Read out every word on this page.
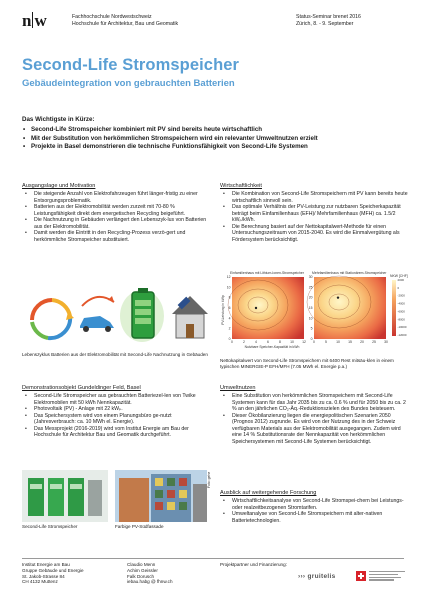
n w	Fachhochschule Nordwestschweiz
Hochschule für Architektur, Bau und Geomatik
Status-Seminar brenet 2016
Zürich, 8. - 9. September
Second-Life Stromspeicher
Gebäudeintegration von gebrauchten Batterien
Das Wichtigste in Kürze:
• Second-Life Stromspeicher kombiniert mit PV sind bereits heute wirtschaftlich
• Mit der Substitution von herkömmlichen Stromspeichern wird ein relevanter Umweltnutzen erzielt
• Projekte in Basel demonstrieren die technische Funktionsfähigkeit von Second-Life Systemen
Ausgangslage und Motivation
• Die steigende Anzahl von Elektrofahrzeugen führt länger-fristig zu einer Entsorgungsproblematik.
• Batterien aus der Elektromobilität werden zurzeit mit 70-80 % Leistungsfähigkeit direkt dem energetischen Recycling beigeführt.
• Die Nachnutzung in Gebäuden verlängert den Lebenszyk-lus von Batterien aus der Elektromobilität.
• Damit werden die Eintritt in den Recycling-Prozess verzö-gert und herkömmliche Stromspeicher substituiert.
Lebenszyklus Batterien aus der Elektromobilität mit Second-Life Nachnutzung in Gebäuden
Wirtschaftlichkeit
• Die Kombination von Second-Life Stromspeichern mit PV kann bereits heute wirtschaftlich sinnvoll sein.
• Das optimale Verhältnis der PV-Leistung zur nutzbaren Speicherkapazität beträgt beim Einfamilienhaus (EFH)/ Mehrfamilienhaus (MFH) ca. 1.5/2 kWₚ/kWh.
• Die Berechnung basiert auf der Nettokapitalwert-Methode für einen Untersuchungszeitraum von 2015-2040. Es wird die Einmalvergütung als Fördersystem berücksichtigt.
Einfamilienhaus mit Lithium-Ionen-Stromspeicher Mehrfamilienhaus mit Stationärem-Stromspeicher
0	2	4	6	8	10 12
0
2
4
6
8
10
12
0	5	10 15 20 25 30
0
5
10
15
20
25
30
Nutzbare Speicher-Kapazität in kWh
PV-Leistung in kWp
NKW [CHF]
2000
0
-2000
-4000
-6000
-8000
-10000
-12000
Nettokapitalwert von Second-Life Stromspeichern mit 6400 Rest mitsäu-klen in einem typischen MINERGIE-P EFH/MFH (7.05 MWh el. Energie p.a.)
Demonstrationsobjekt Gundeldinger Feld, Basel
• Second-Life Stromspeicher aus gebrauchten Batteriezel-len von Twike Elektromobilen mit 50 kWh Nennkapazität.
• Photovoltaik (PV) - Anlage mit 22 kWₚ.
• Das Speichersystem wird von einem Planungsbüro ge-nutzt (Jahresverbrauch: ca. 10 MWh el. Energie).
• Das Messprojekt (2016-2019) wird vom Institut Energie am Bau der Hochschule für Architektur Bau und Geomatik durchgeführt.
Foto: gehe
Second-Life Stromspeicher	Farbige PV-Südfassade
Umweltnutzen
• Eine Substitution von herkömmlichen Stromspeichern mit Second-Life Systemen kann für das Jahr 2035 bis zu ca. 0.6 % und für 2050 bis zu ca. 2 % an den jährlichen CO₂-Äq.-Reduktionszielen des Bundes beisteuern.
• Dieser Ökobilanzierung liegen die energiepolitischen Szenarien 2050 (Prognos 2012) zugrunde. Es wird von der Nutzung des in der Schweiz verfügbaren Materials aus der Elektromobilität ausgegangen. Zudem wird eine 14 % Substitutionsrate der Nennkapazität von herkömmlichen Speichersystemen mit Second-Life Systemen berücksichtigt.
Ausblick auf weitergehende Forschung
• Wirtschaftlichkeitsanalyse von Second-Life Stromspei-chern bei Leistungs- oder realzeitbezogenen Stromtarifen.
• Umweltanalyse von Second-Life Stromspeichern mit alter-nativen Batterietechnologien.
Institut Energie am Bau
Gruppe Gebäude und Energie
St. Jakob-Strasse 84
CH 4132 Muttenz
Claudio Menn
Achim Geissler
Falk Dorusch
iebau.habg @ fhnw.ch
Projektpartner und Finanzierung:
››› gruitelis
